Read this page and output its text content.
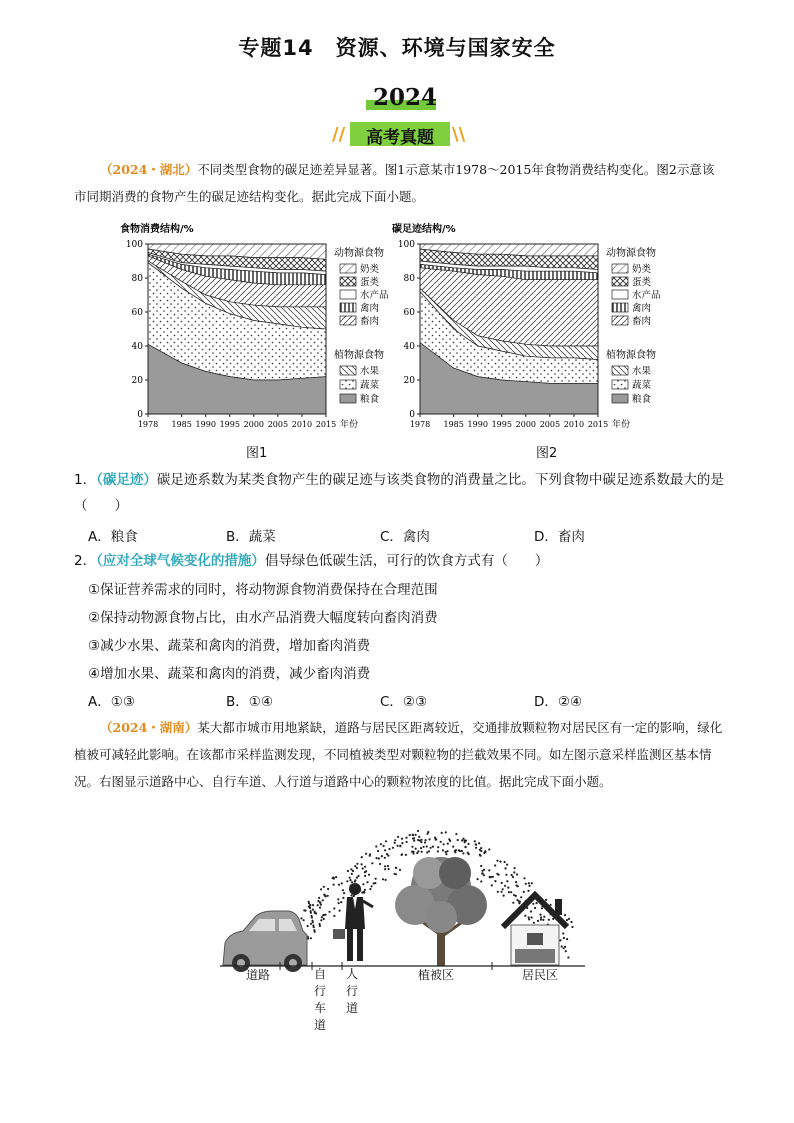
专题14　资源、环境与国家安全
2024
//	高考真题	\\
（2024・湖北）不同类型食物的碳足迹差异显著。图1示意某市1978～2015年食物消费结构变化。图2示意该市同期消费的食物产生的碳足迹结构变化。据此完成下面小题。
食物消费结构/%
0
20
40
60
80
100
1978 1985 1990 1995 2000 2005 2010 2015 年份
动物源食物
奶类
蛋类
水产品
禽肉
畜肉
植物源食物
水果
蔬菜
粮食
碳足迹结构/%
0
20
40
60
80
100
1978 1985 1990 1995 2000 2005 2010 2015 年份
动物源食物
奶类
蛋类
水产品
禽肉
畜肉
植物源食物
水果
蔬菜
粮食
图1	图2
1．（碳足迹）碳足迹系数为某类食物产生的碳足迹与该类食物的消费量之比。下列食物中碳足迹系数最大的是（　　）
A．粮食	B．蔬菜	C．禽肉	D．畜肉
2．（应对全球气候变化的措施）倡导绿色低碳生活，可行的饮食方式有（　　）
①保证营养需求的同时，将动物源食物消费保持在合理范围
②保持动物源食物占比，由水产品消费大幅度转向畜肉消费
③减少水果、蔬菜和禽肉的消费，增加畜肉消费
④增加水果、蔬菜和禽肉的消费，减少畜肉消费
A．①③	B．①④	C．②③	D．②④
（2024・湖南）某大都市城市用地紧缺，道路与居民区距离较近，交通排放颗粒物对居民区有一定的影响，绿化植被可减轻此影响。在该都市采样监测发现，不同植被类型对颗粒物的拦截效果不同。如左图示意采样监测区基本情况。右图显示道路中心、自行车道、人行道与道路中心的颗粒物浓度的比值。据此完成下面小题。
道路	自行车道
人行道
植被区	居民区
